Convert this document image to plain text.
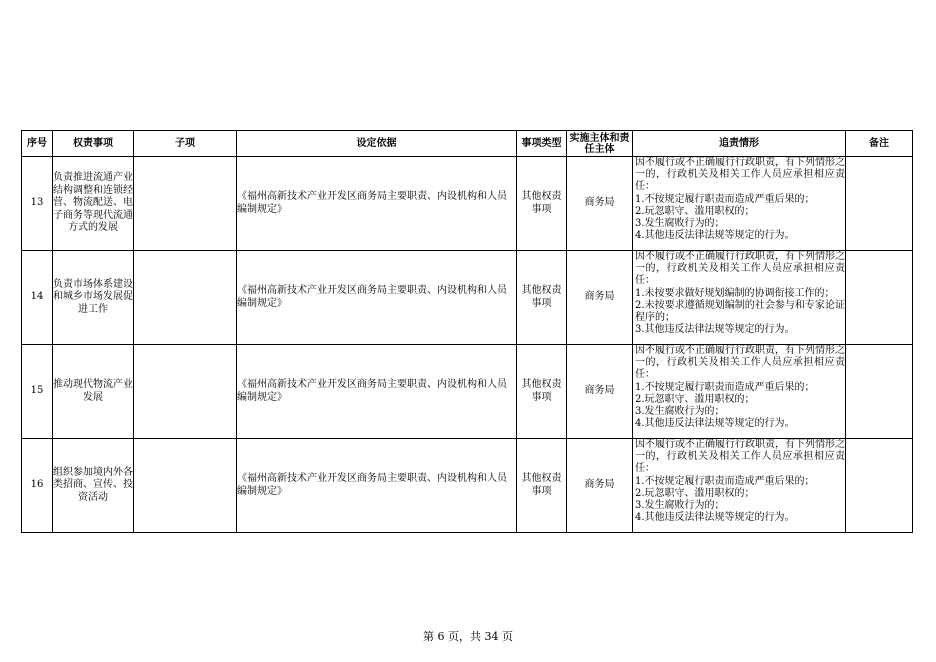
序号	权责事项	子项	设定依据	事项类型	实施主体和责任主体	追责情形	备注
13	负责推进流通产业结构调整和连锁经营、物流配送、电子商务等现代流通方式的发展		《福州高新技术产业开发区商务局主要职责、内设机构和人员编制规定》	其他权责事项	商务局	因不履行或不正确履行行政职责，有下列情形之一的，行政机关及相关工作人员应承担相应责任：
1.不按规定履行职责而造成严重后果的；
2.玩忽职守、滥用职权的；
3.发生腐败行为的；
4.其他违反法律法规等规定的行为。	

14	负责市场体系建设和城乡市场发展促进工作		《福州高新技术产业开发区商务局主要职责、内设机构和人员编制规定》	其他权责事项	商务局	因不履行或不正确履行行政职责，有下列情形之一的，行政机关及相关工作人员应承担相应责任：
1.未按要求做好规划编制的协调衔接工作的；
2.未按要求遵循规划编制的社会参与和专家论证程序的；
3.其他违反法律法规等规定的行为。	

15	推动现代物流产业发展		《福州高新技术产业开发区商务局主要职责、内设机构和人员编制规定》	其他权责事项	商务局	因不履行或不正确履行行政职责，有下列情形之一的，行政机关及相关工作人员应承担相应责任：
1.不按规定履行职责而造成严重后果的；
2.玩忽职守、滥用职权的；
3.发生腐败行为的；
4.其他违反法律法规等规定的行为。	

16	组织参加境内外各类招商、宣传、投资活动		《福州高新技术产业开发区商务局主要职责、内设机构和人员编制规定》	其他权责事项	商务局	因不履行或不正确履行行政职责，有下列情形之一的，行政机关及相关工作人员应承担相应责任：
1.不按规定履行职责而造成严重后果的；
2.玩忽职守、滥用职权的；
3.发生腐败行为的；
4.其他违反法律法规等规定的行为。	

第 6 页，共 34 页
